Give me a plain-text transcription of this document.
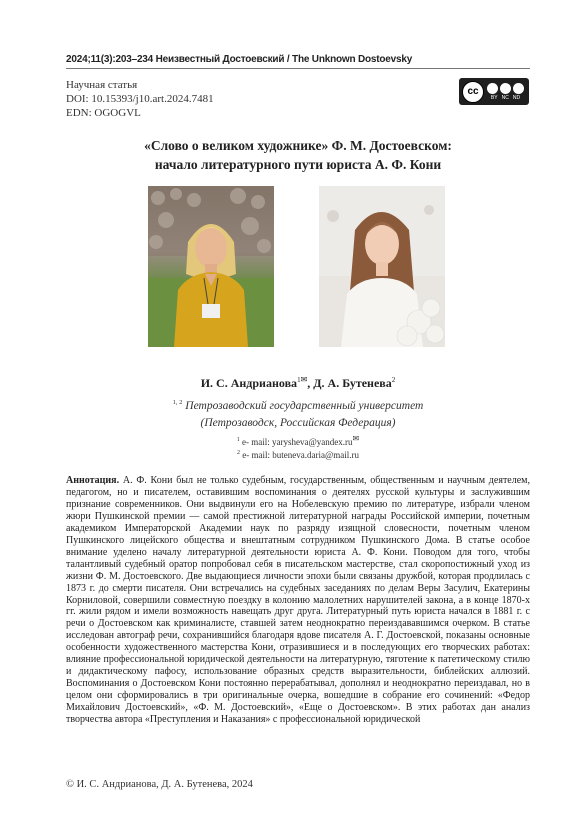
2024;11(3):203–234 Неизвестный Достоевский / The Unknown Dostoevsky
Научная статья
DOI: 10.15393/j10.art.2024.7481
EDN: OGOGVL
cc
BY NC ND
«Слово о великом художнике» Ф. М. Достоевском:
начало литературного пути юриста А. Ф. Кони
И. С. Андрианова$^1$✉, Д. А. Бутенева$^2$
$^{1, 2}$ Петрозаводский государственный университет
(Петрозаводск, Российская Федерация)
$^1$ e- mail: yarysheva@yandex.ru✉
$^2$ e- mail: buteneva.daria@mail.ru
Аннотация. А. Ф. Кони был не только судебным, государственным, общественным и научным деятелем, педагогом, но и писателем, оставившим воспоминания о деятелях русской культуры и заслужившим признание современников. Они выдвинули его на Нобелевскую премию по литературе, избрали членом жюри Пушкинской премии — самой престижной литературной награды Российской империи, почетным академиком Императорской Академии наук по разряду изящной словесности, почетным членом Пушкинского лицейского общества и внештатным сотрудником Пушкинского Дома. В статье особое внимание уделено началу литературной деятельности юриста А. Ф. Кони. Поводом для того, чтобы талантливый судебный оратор попробовал себя в писательском мастерстве, стал скоропостижный уход из жизни Ф. М. Достоевского. Две выдающиеся личности эпохи были связаны дружбой, которая продлилась с 1873 г. до смерти писателя. Они встречались на судебных заседаниях по делам Веры Засулич, Екатерины Корниловой, совершили совместную поездку в колонию малолетних нарушителей закона, а в конце 1870-х гг. жили рядом и имели возможность навещать друг друга. Литературный путь юриста начался в 1881 г. с речи о Достоевском как криминалисте, ставшей затем неоднократно переиздававшимся очерком. В статье исследован автограф речи, сохранившийся благодаря вдове писателя А. Г. Достоевской, показаны основные особенности художественного мастерства Кони, отразившиеся и в последующих его творческих работах: влияние профессиональной юридической деятельности на литературную, тяготение к патетическому стилю и дидактическому пафосу, использование образных средств выразительности, библейских аллюзий. Воспоминания о Достоевском Кони постоянно перерабатывал, дополнял и неоднократно переиздавал, но в целом они сформировались в три оригинальные очерка, вошедшие в собрание его сочинений: «Федор Михайлович Достоевский», «Ф. М. Достоевский», «Еще о Достоевском». В этих работах дан анализ творчества автора «Преступления и Наказания» с профессиональной юридической
© И. С. Андрианова, Д. А. Бутенева, 2024
